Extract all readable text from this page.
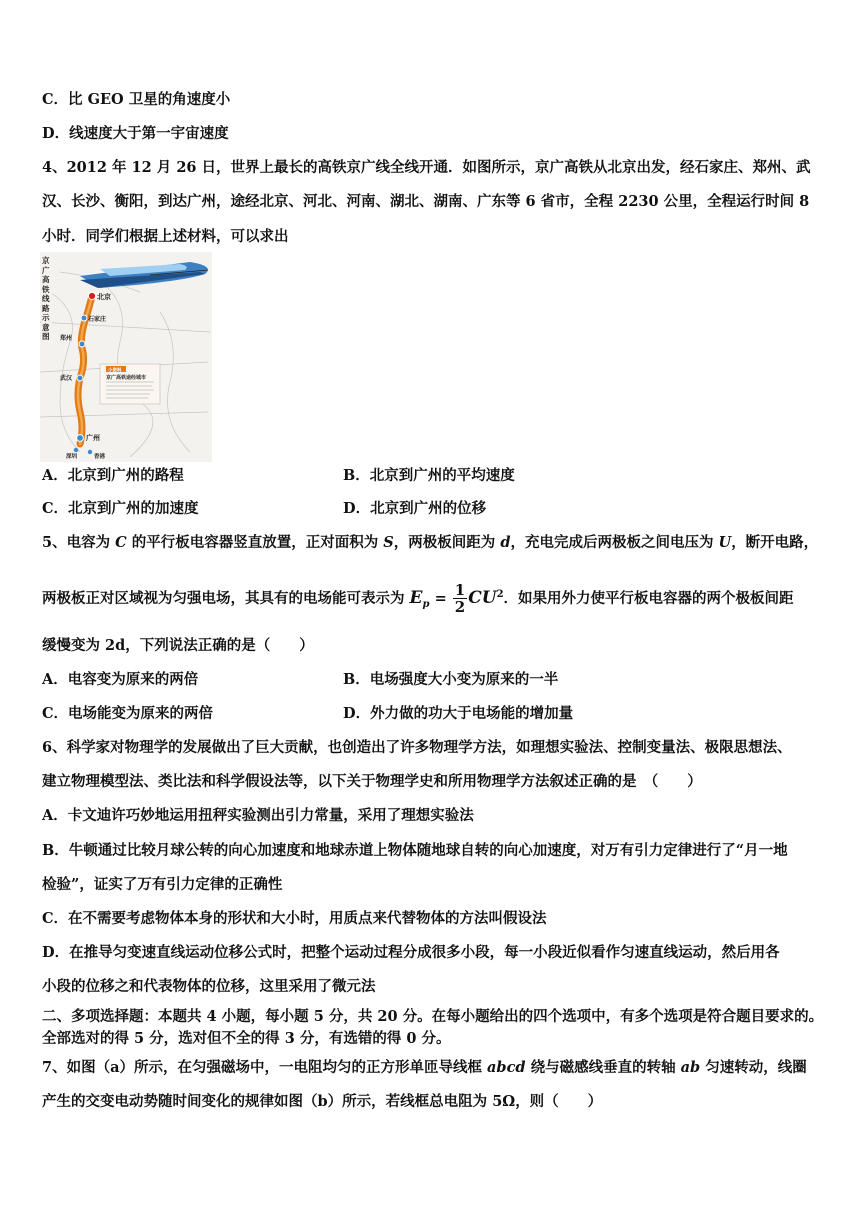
C．比 GEO 卫星的角速度小
D．线速度大于第一宇宙速度
4、2012 年 12 月 26 日，世界上最长的高铁京广线全线开通．如图所示，京广高铁从北京出发，经石家庄、郑州、武
汉、长沙、衡阳，到达广州，途经北京、河北、河南、湖北、湖南、广东等 6 省市，全程 2230 公里，全程运行时间 8
小时．同学们根据上述材料，可以求出
北京
石家庄
郑州
武汉
广州
深圳	香港
小资料
京广高铁途经城市
京广高铁线路示意图
A．北京到广州的路程	B．北京到广州的平均速度
C．北京到广州的加速度	D．北京到广州的位移
5、电容为 C 的平行板电容器竖直放置，正对面积为 S，两极板间距为 d，充电完成后两极板之间电压为 U，断开电路，
两极板正对区域视为匀强电场，其具有的电场能可表示为 $E_p = \frac{1}{2} CU^2$．如果用外力使平行板电容器的两个极板间距
缓慢变为 2d，下列说法正确的是（　　）
A．电容变为原来的两倍	B．电场强度大小变为原来的一半
C．电场能变为原来的两倍	D．外力做的功大于电场能的增加量
6、科学家对物理学的发展做出了巨大贡献，也创造出了许多物理学方法，如理想实验法、控制变量法、极限思想法、
建立物理模型法、类比法和科学假设法等，以下关于物理学史和所用物理学方法叙述正确的是　（　　）
A．卡文迪许巧妙地运用扭秤实验测出引力常量，采用了理想实验法
B．牛顿通过比较月球公转的向心加速度和地球赤道上物体随地球自转的向心加速度，对万有引力定律进行了“月一地
检验”，证实了万有引力定律的正确性
C．在不需要考虑物体本身的形状和大小时，用质点来代替物体的方法叫假设法
D．在推导匀变速直线运动位移公式时，把整个运动过程分成很多小段，每一小段近似看作匀速直线运动，然后用各
小段的位移之和代表物体的位移，这里采用了微元法
二、多项选择题：本题共 4 小题，每小题 5 分，共 20 分。在每小题给出的四个选项中，有多个选项是符合题目要求的。
全部选对的得 5 分，选对但不全的得 3 分，有选错的得 0 分。
7、如图（a）所示，在匀强磁场中，一电阻均匀的正方形单匝导线框 abcd 绕与磁感线垂直的转轴 ab 匀速转动，线圈
产生的交变电动势随时间变化的规律如图（b）所示，若线框总电阻为 5Ω，则（　　）
